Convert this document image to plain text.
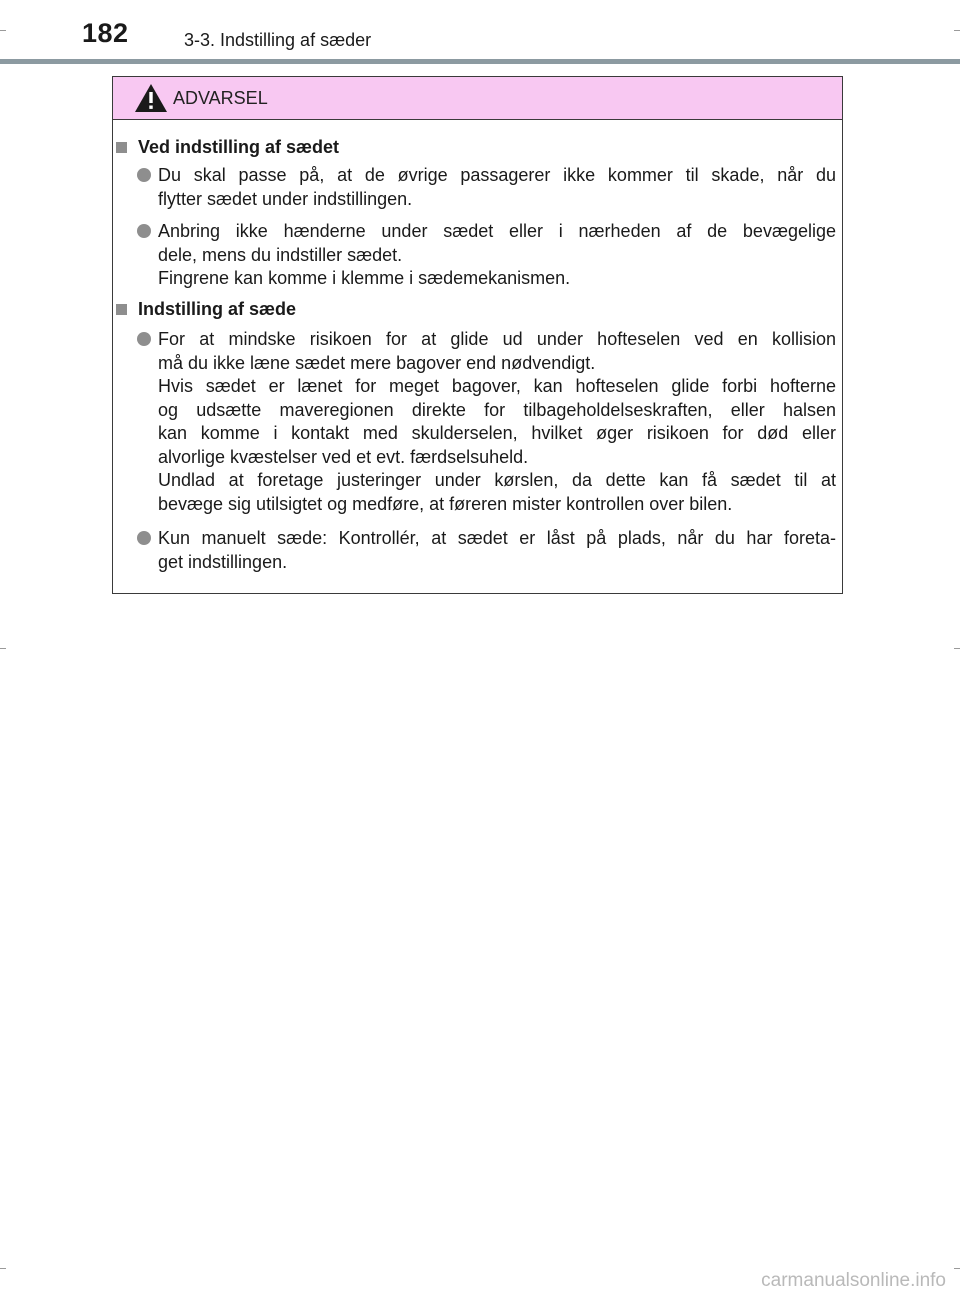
182	3-3. Indstilling af sæder
ADVARSEL
Ved indstilling af sædet
Du skal passe på, at de øvrige passagerer ikke kommer til skade, når du
flytter sædet under indstillingen.
Anbring ikke hænderne under sædet eller i nærheden af de bevægelige
dele, mens du indstiller sædet.
Fingrene kan komme i klemme i sædemekanismen.
Indstilling af sæde
For at mindske risikoen for at glide ud under hofteselen ved en kollision
må du ikke læne sædet mere bagover end nødvendigt.
Hvis sædet er lænet for meget bagover, kan hofteselen glide forbi hofterne
og udsætte maveregionen direkte for tilbageholdelseskraften, eller halsen
kan komme i kontakt med skulderselen, hvilket øger risikoen for død eller
alvorlige kvæstelser ved et evt. færdselsuheld.
Undlad at foretage justeringer under kørslen, da dette kan få sædet til at
bevæge sig utilsigtet og medføre, at føreren mister kontrollen over bilen.
Kun manuelt sæde: Kontrollér, at sædet er låst på plads, når du har foreta-
get indstillingen.
carmanualsonline.info
